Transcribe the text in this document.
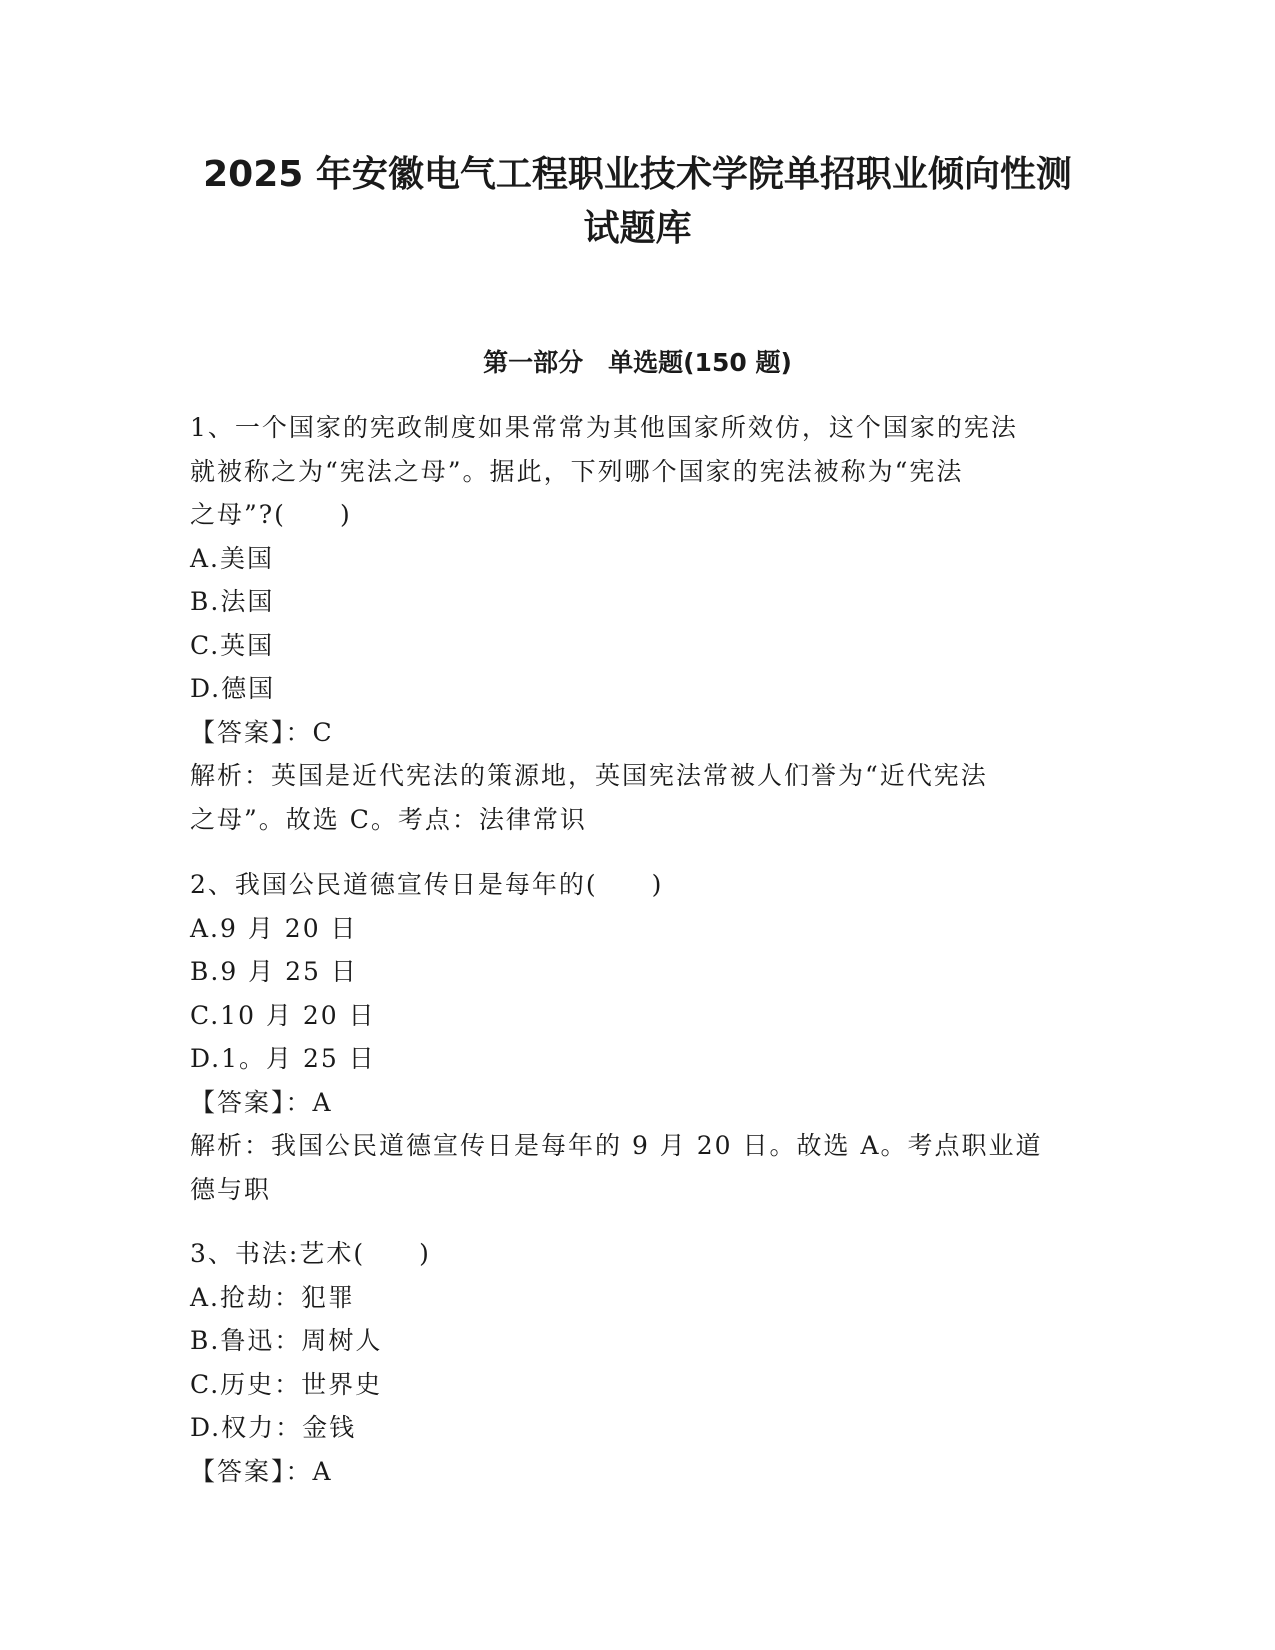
2025 年安徽电气工程职业技术学院单招职业倾向性测
试题库
第一部分　单选题(150 题)
1、一个国家的宪政制度如果常常为其他国家所效仿，这个国家的宪法
就被称之为“宪法之母”。据此，下列哪个国家的宪法被称为“宪法
之母”?(　　)
A.美国
B.法国
C.英国
D.德国
【答案】：C
解析：英国是近代宪法的策源地，英国宪法常被人们誉为“近代宪法
之母”。故选 C。考点：法律常识
2、我国公民道德宣传日是每年的(　　)
A.9 月 20 日
B.9 月 25 日
C.10 月 20 日
D.1。月 25 日
【答案】：A
解析：我国公民道德宣传日是每年的 9 月 20 日。故选 A。考点职业道
德与职
3、书法:艺术(　　)
A.抢劫：犯罪
B.鲁迅：周树人
C.历史：世界史
D.权力：金钱
【答案】：A
